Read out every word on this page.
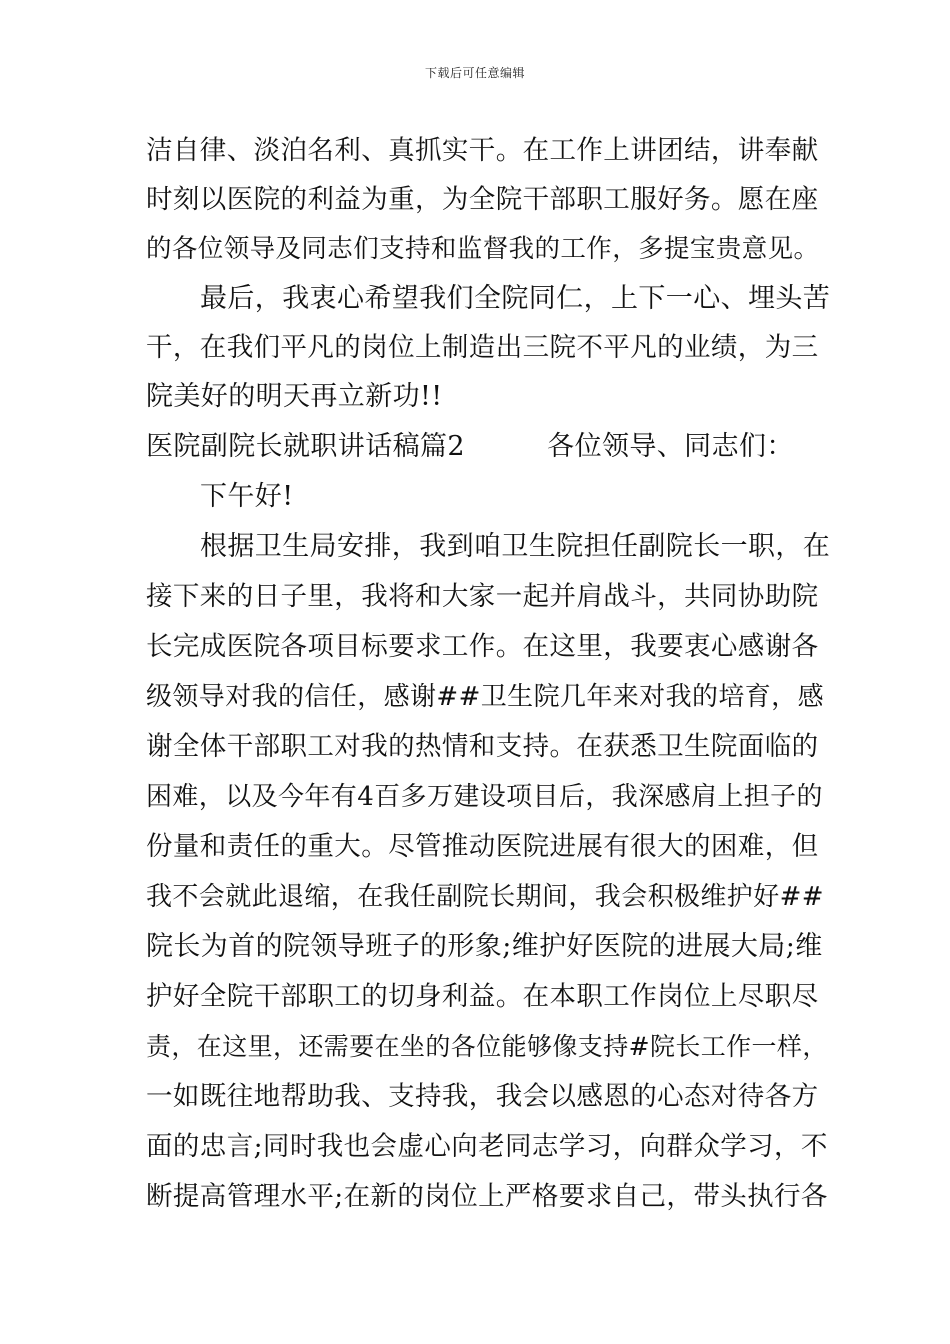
下载后可任意编辑
洁自律、淡泊名利、真抓实干。在工作上讲团结，讲奉献
时刻以医院的利益为重，为全院干部职工服好务。愿在座
的各位领导及同志们支持和监督我的工作，多提宝贵意见。
最后，我衷心希望我们全院同仁，上下一心、埋头苦
干，在我们平凡的岗位上制造出三院不平凡的业绩，为三
院美好的明天再立新功!!
医院副院长就职讲话稿篇2　　　各位领导、同志们：
下午好!
根据卫生局安排，我到咱卫生院担任副院长一职，在
接下来的日子里，我将和大家一起并肩战斗，共同协助院
长完成医院各项目标要求工作。在这里，我要衷心感谢各
级领导对我的信任，感谢##卫生院几年来对我的培育，感
谢全体干部职工对我的热情和支持。在获悉卫生院面临的
困难，以及今年有4百多万建设项目后，我深感肩上担子的
份量和责任的重大。尽管推动医院进展有很大的困难，但
我不会就此退缩，在我任副院长期间，我会积极维护好##
院长为首的院领导班子的形象;维护好医院的进展大局;维
护好全院干部职工的切身利益。在本职工作岗位上尽职尽
责，在这里，还需要在坐的各位能够像支持#院长工作一样，
一如既往地帮助我、支持我，我会以感恩的心态对待各方
面的忠言;同时我也会虚心向老同志学习，向群众学习，不
断提高管理水平;在新的岗位上严格要求自己，带头执行各
